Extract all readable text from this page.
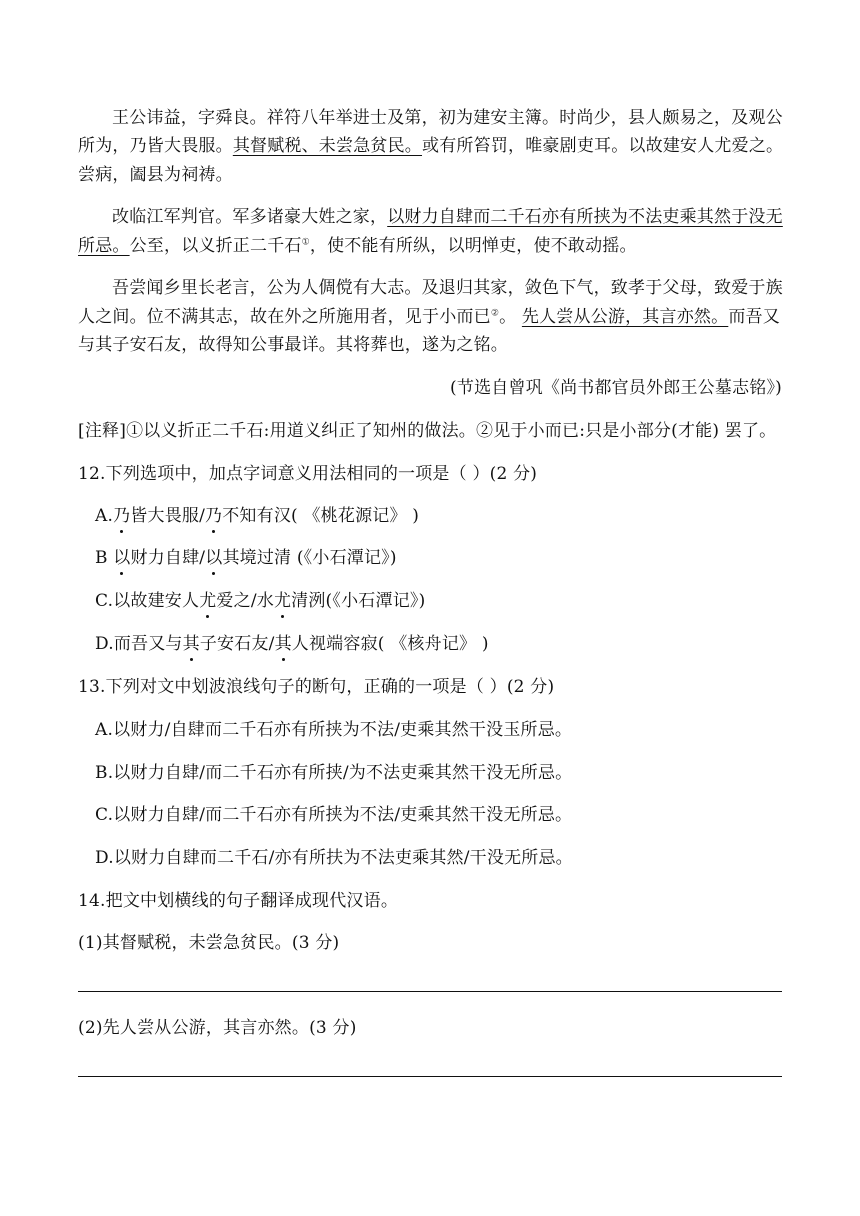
王公讳益，字舜良。祥符八年举进士及第，初为建安主簿。时尚少，县人颇易之，及观公
所为，乃皆大畏服。其督赋税、未尝急贫民。或有所笞罚，唯豪剧吏耳。以故建安人尤爱之。
尝病，阖县为祠祷。
改临江军判官。军多诸豪大姓之家，以财力自肆而二千石亦有所挟为不法吏乘其然于没无
所忌。公至，以义折正二千石①，使不能有所纵，以明惮吏，使不敢动摇。
吾尝闻乡里长老言，公为人倜傥有大志。及退归其家，敛色下气，致孝于父母，致爱于族
人之间。位不满其志，故在外之所施用者，见于小而已②。 先人尝从公游，其言亦然。而吾又
与其子安石友，故得知公事最详。其将葬也，遂为之铭。
(节选自曾巩《尚书都官员外郎王公墓志铭》)
[注释]①以义折正二千石:用道义纠正了知州的做法。②见于小而已:只是小部分(才能) 罢了。
12.下列选项中，加点字词意义用法相同的一项是（ ）(2 分)
A.乃皆大畏服/乃不知有汉( 《桃花源记》 )
B 以财力自肆/以其境过清 (《小石潭记》)
C.以故建安人尤爱之/水尤清洌(《小石潭记》)
D.而吾又与其子安石友/其人视端容寂( 《核舟记》 )
13.下列对文中划波浪线句子的断句，正确的一项是（ ）(2 分)
A.以财力/自肆而二千石亦有所挟为不法/吏乘其然干没玉所忌。
B.以财力自肆/而二千石亦有所挟/为不法吏乘其然干没无所忌。
C.以财力自肆/而二千石亦有所挟为不法/吏乘其然干没无所忌。
D.以财力自肆而二千石/亦有所扶为不法吏乘其然/干没无所忌。
14.把文中划横线的句子翻译成现代汉语。
(1)其督赋税，未尝急贫民。(3 分)
(2)先人尝从公游，其言亦然。(3 分)
